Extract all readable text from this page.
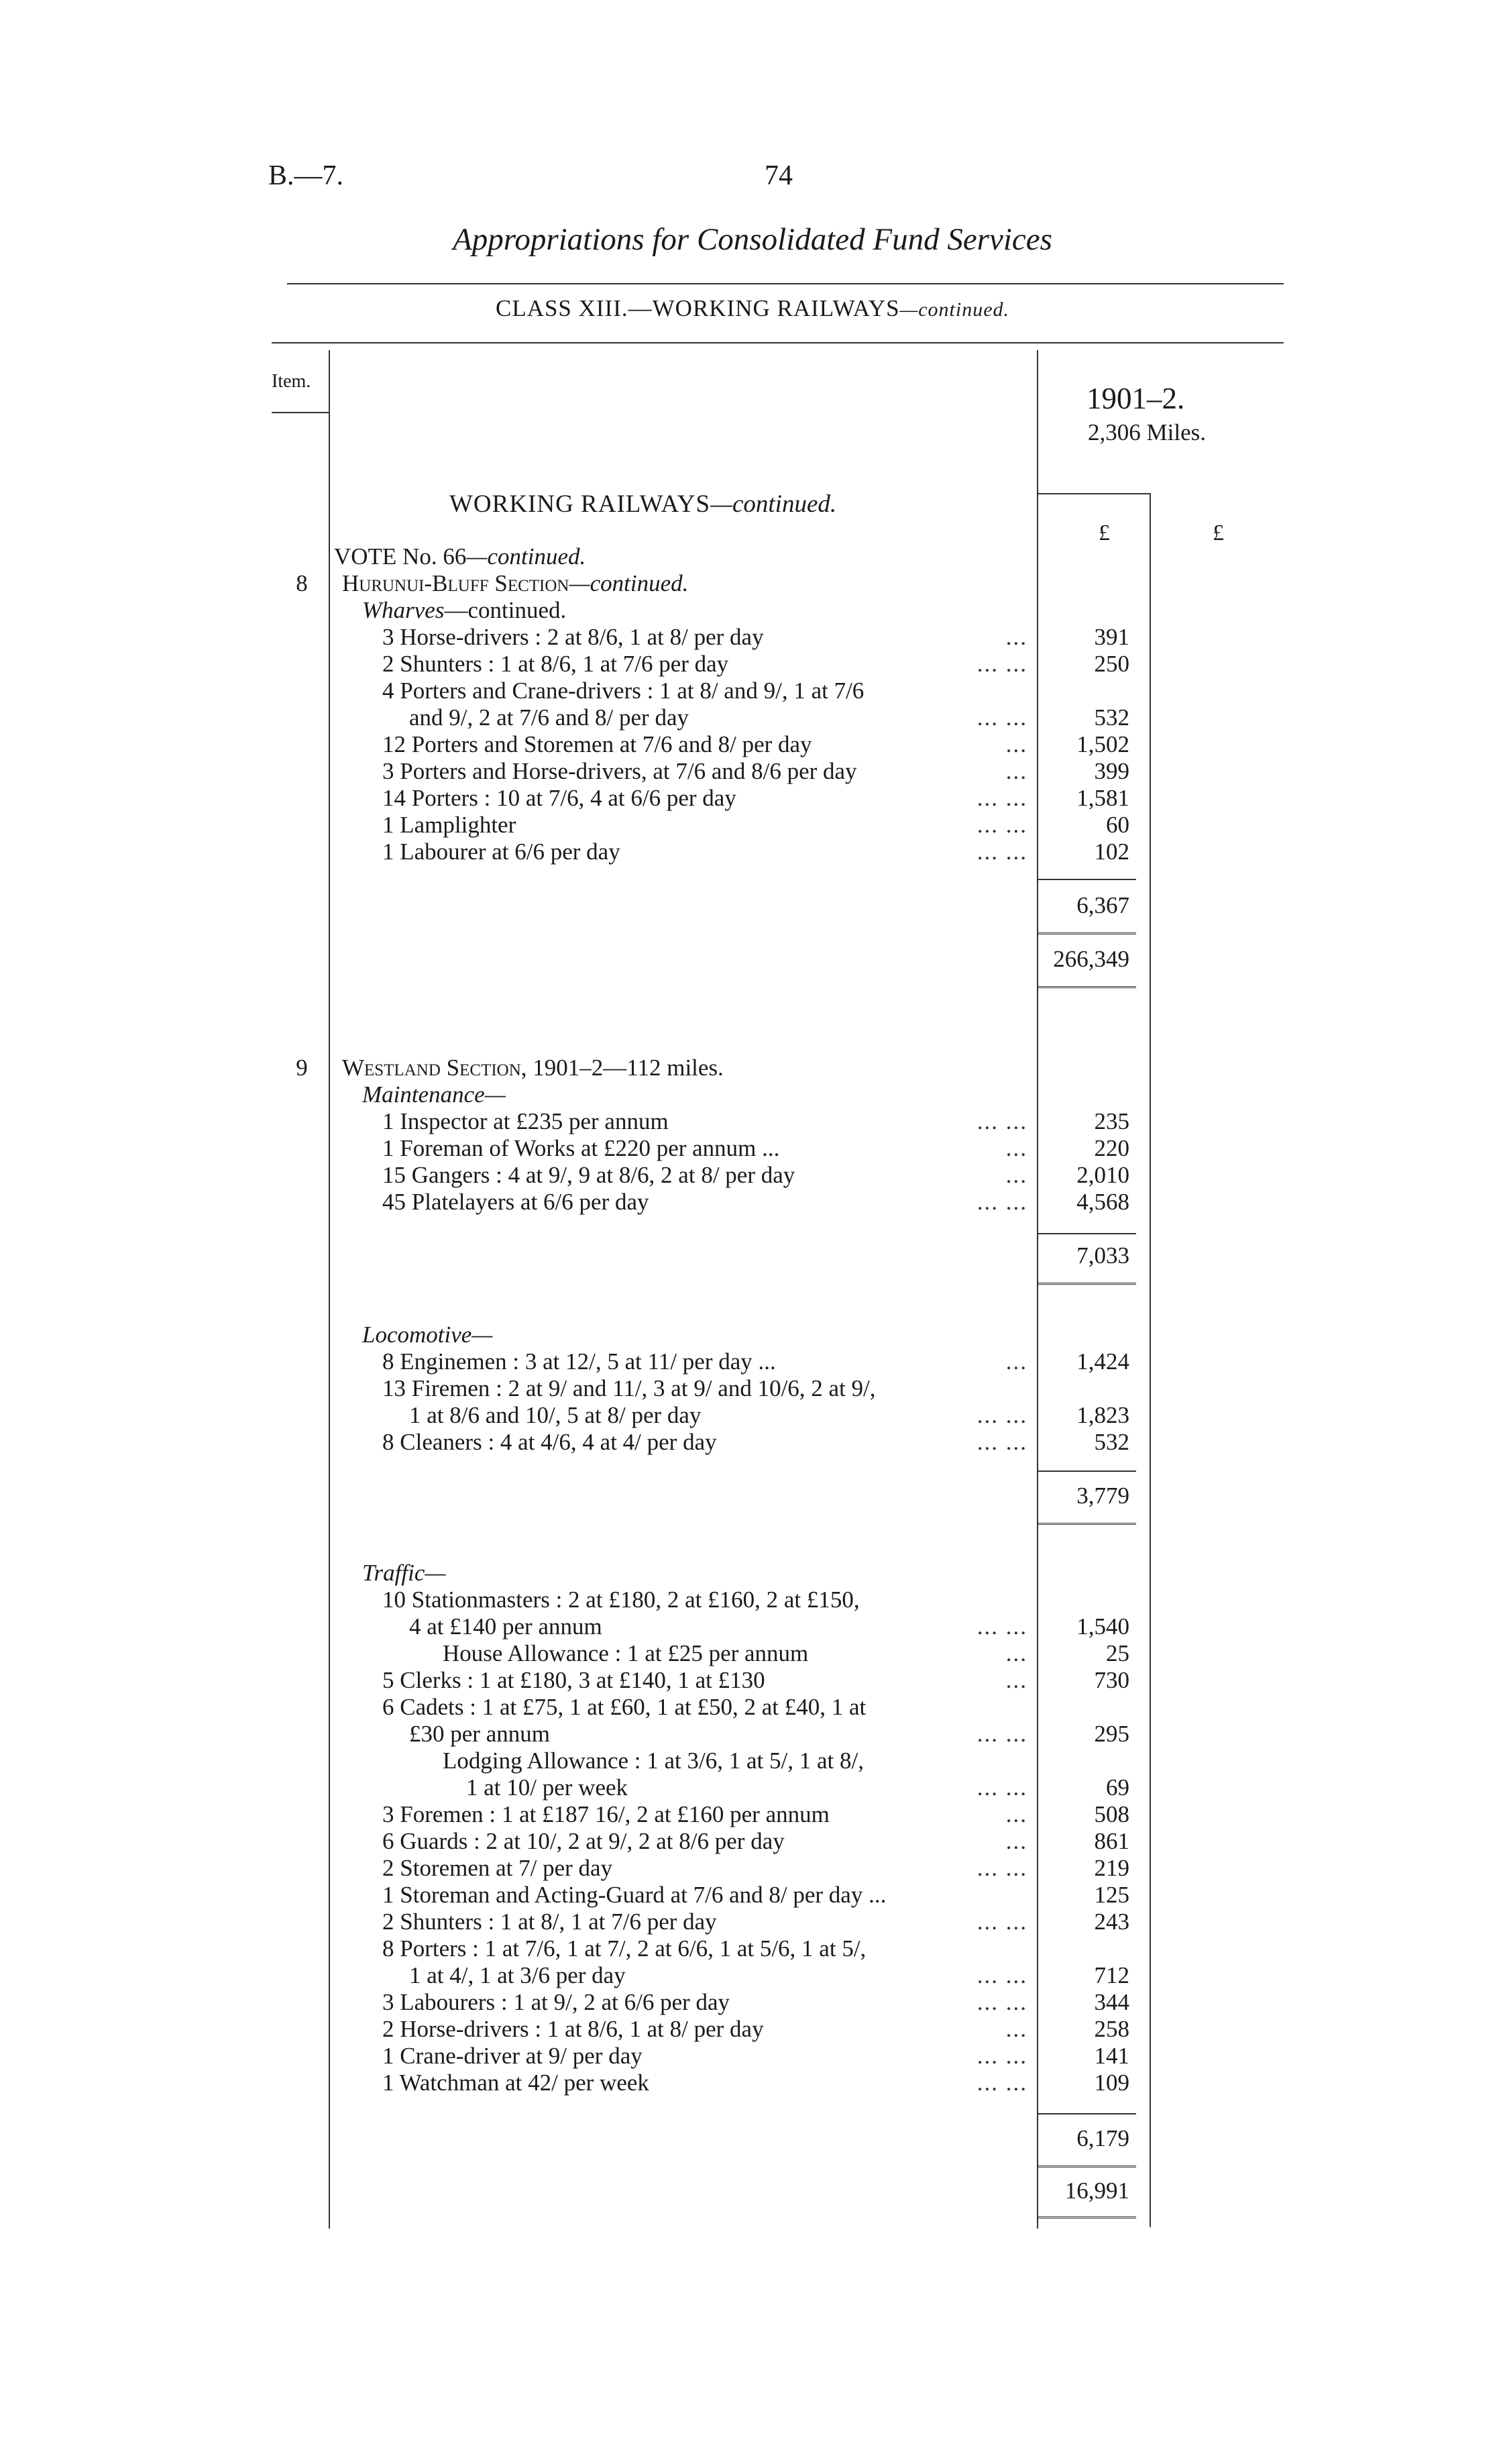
B.—7.	74
Appropriations for Consolidated Fund Services
CLASS XIII.—WORKING RAILWAYS—continued.
Item.
1901–2.
2,306 Miles.
£	£
WORKING RAILWAYS—continued.
VOTE No. 66—continued.
8	Hurunui-Bluff Section—continued.
Wharves—continued.
3 Horse-drivers : 2 at 8/6, 1 at 8/ per day	...	391
2 Shunters : 1 at 8/6, 1 at 7/6 per day	... ...	250
4 Porters and Crane-drivers : 1 at 8/ and 9/, 1 at 7/6
and 9/, 2 at 7/6 and 8/ per day	... ...	532
12 Porters and Storemen at 7/6 and 8/ per day	...	1,502
3 Porters and Horse-drivers, at 7/6 and 8/6 per day	...	399
14 Porters : 10 at 7/6, 4 at 6/6 per day	... ...	1,581
1 Lamplighter	... ...	60
1 Labourer at 6/6 per day	... ...	102
6,367
266,349
9	Westland Section, 1901–2—112 miles.
Maintenance—
1 Inspector at £235 per annum	... ...	235
1 Foreman of Works at £220 per annum ...	...	220
15 Gangers : 4 at 9/, 9 at 8/6, 2 at 8/ per day	...	2,010
45 Platelayers at 6/6 per day	... ...	4,568
7,033
Locomotive—
8 Enginemen : 3 at 12/, 5 at 11/ per day ...	...	1,424
13 Firemen : 2 at 9/ and 11/, 3 at 9/ and 10/6, 2 at 9/,
1 at 8/6 and 10/, 5 at 8/ per day	... ...	1,823
8 Cleaners : 4 at 4/6, 4 at 4/ per day	... ...	532
3,779
Traffic—
10 Stationmasters : 2 at £180, 2 at £160, 2 at £150,
4 at £140 per annum	... ...	1,540
House Allowance : 1 at £25 per annum	...	25
5 Clerks : 1 at £180, 3 at £140, 1 at £130	...	730
6 Cadets : 1 at £75, 1 at £60, 1 at £50, 2 at £40, 1 at
£30 per annum	... ...	295
Lodging Allowance : 1 at 3/6, 1 at 5/, 1 at 8/,
1 at 10/ per week	... ...	69
3 Foremen : 1 at £187 16/, 2 at £160 per annum	...	508
6 Guards : 2 at 10/, 2 at 9/, 2 at 8/6 per day	...	861
2 Storemen at 7/ per day	... ...	219
1 Storeman and Acting-Guard at 7/6 and 8/ per day ...	125
2 Shunters : 1 at 8/, 1 at 7/6 per day	... ...	243
8 Porters : 1 at 7/6, 1 at 7/, 2 at 6/6, 1 at 5/6, 1 at 5/,
1 at 4/, 1 at 3/6 per day	... ...	712
3 Labourers : 1 at 9/, 2 at 6/6 per day	... ...	344
2 Horse-drivers : 1 at 8/6, 1 at 8/ per day	...	258
1 Crane-driver at 9/ per day	... ...	141
1 Watchman at 42/ per week	... ...	109
6,179
16,991
